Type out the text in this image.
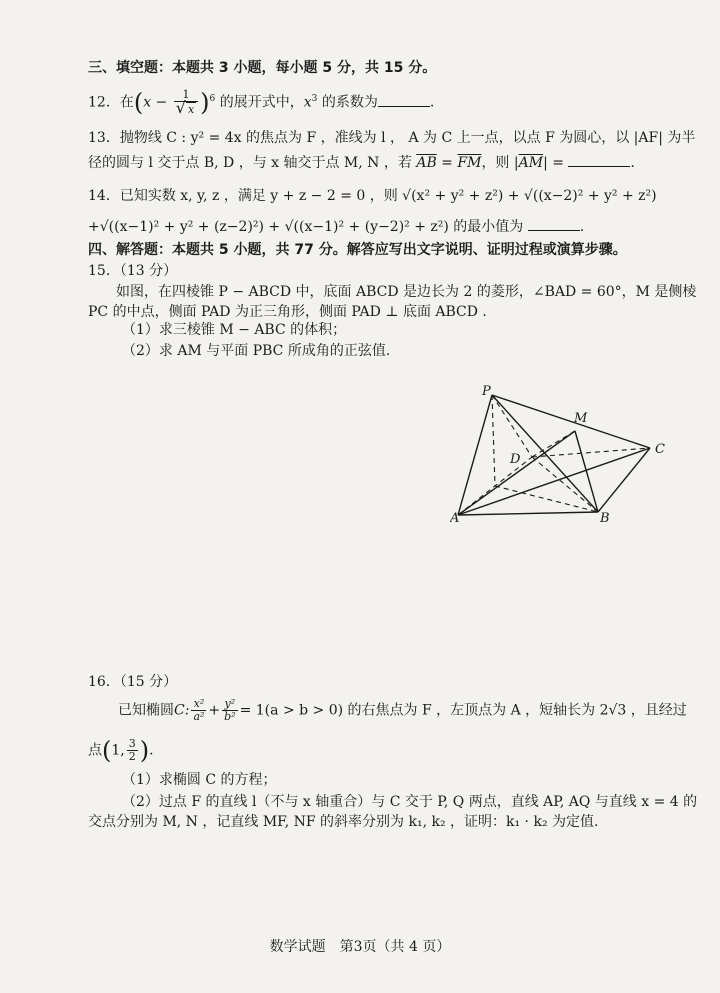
三、填空题：本题共 3 小题，每小题 5 分，共 15 分。
12．在$(x - \frac{1}{√ x} )^6$ 的展开式中，$x^3$ 的系数为	.
13．抛物线 C : y² = 4x 的焦点为 F ，准线为 l ， A 为 C 上一点，以点 F 为圆心，以 |AF| 为半
径的圆与 l 交于点 B, D ，与 x 轴交于点 M, N ，若 $\overline{AB} = \overline{FM}$，则 $|\overline{AM}|$ =	.
14．已知实数 x, y, z ，满足 y + z − 2 = 0 ，则 √(x² + y² + z²) + √((x−2)² + y² + z²)
+√((x−1)² + y² + (z−2)²) + √((x−1)² + (y−2)² + z²) 的最小值为	.
四、解答题：本题共 5 小题，共 77 分。解答应写出文字说明、证明过程或演算步骤。
15．（13 分）
如图，在四棱锥 P − ABCD 中，底面 ABCD 是边长为 2 的菱形，∠BAD = 60°，M 是侧棱
PC 的中点，侧面 PAD 为正三角形，侧面 PAD ⊥ 底面 ABCD .
（1）求三棱锥 M − ABC 的体积；
（2）求 AM 与平面 PBC 所成角的正弦值.
P
M
D
C
A	B
16．（15 分）
已知椭圆C: $\frac{\text{x²}}{\text{a²}} + \frac{\text{y²}}{\text{b²}} = 1(a > b > 0)$ 的右焦点为 F ，左顶点为 A ，短轴长为 2√3 ，且经过
点(1, $\frac{3}{2}$ ).
（1）求椭圆 C 的方程；
（2）过点 F 的直线 l（不与 x 轴重合）与 C 交于 P, Q 两点，直线 AP, AQ 与直线 x = 4 的
交点分别为 M, N ，记直线 MF, NF 的斜率分别为 k₁, k₂ ，证明：k₁ · k₂ 为定值.
数学试题　第3页（共 4 页）
